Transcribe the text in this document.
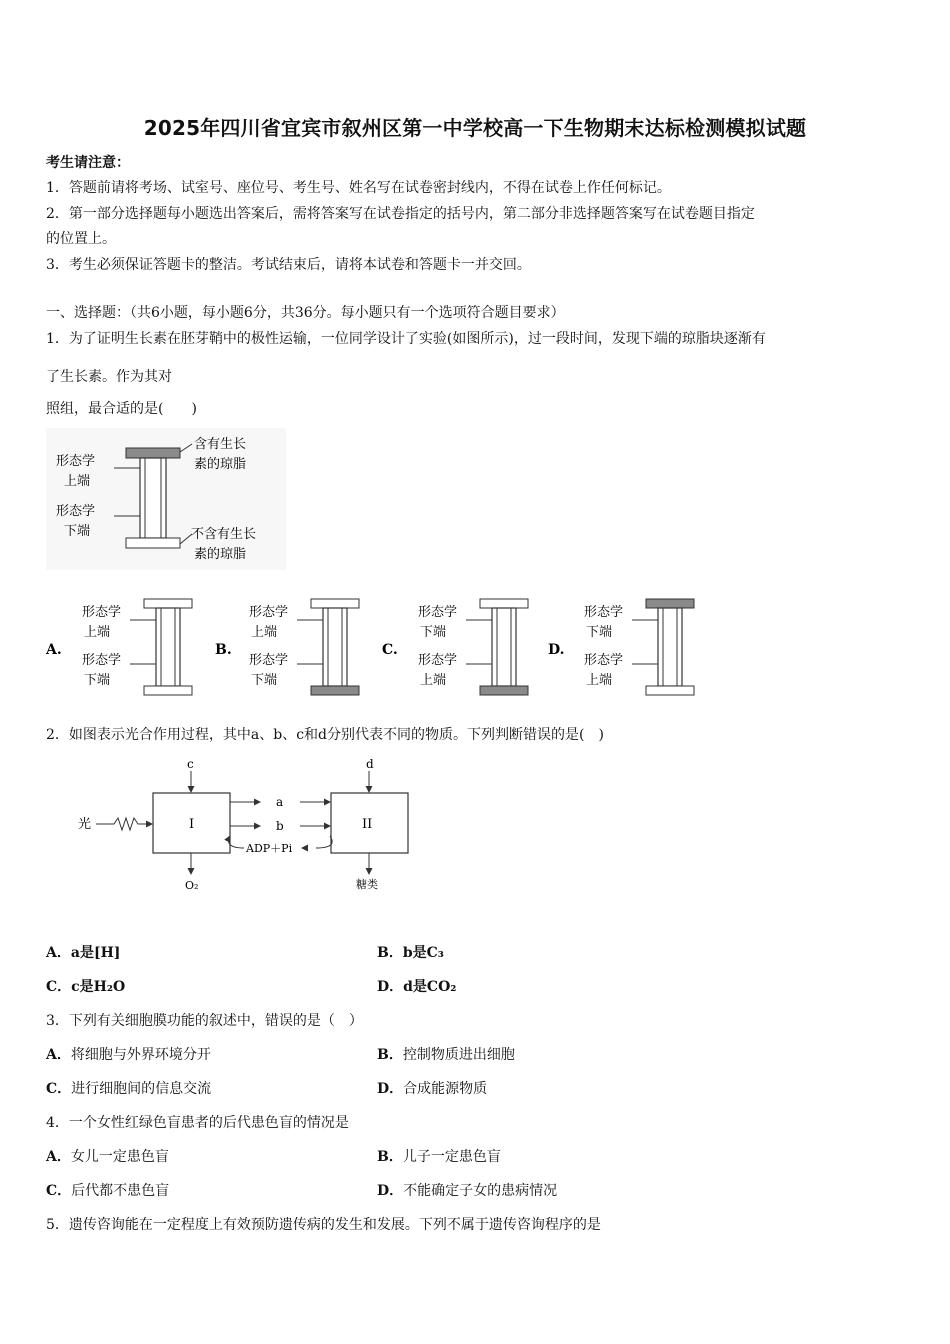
2025年四川省宜宾市叙州区第一中学校高一下生物期末达标检测模拟试题
考生请注意：
1．答题前请将考场、试室号、座位号、考生号、姓名写在试卷密封线内，不得在试卷上作任何标记。
2．第一部分选择题每小题选出答案后，需将答案写在试卷指定的括号内，第二部分非选择题答案写在试卷题目指定
的位置上。
3．考生必须保证答题卡的整洁。考试结束后，请将本试卷和答题卡一并交回。
一、选择题：（共6小题，每小题6分，共36分。每小题只有一个选项符合题目要求）
1．为了证明生长素在胚芽鞘中的极性运输，一位同学设计了实验(如图所示)，过一段时间，发现下端的琼脂块逐渐有
了生长素。作为其对
照组，最合适的是(　　)
形态学
上端
形态学
下端
含有生长
素的琼脂
不含有生长
素的琼脂
A.
形态学
上端
形态学
下端
B.
形态学
上端
形态学
下端
C.
形态学
下端
形态学
上端
D.
形态学
下端
形态学
上端
2．如图表示光合作用过程，其中a、b、c和d分别代表不同的物质。下列判断错误的是(　)
I	II
c	d
光
a
b
ADP＋Pi
O₂	糖类
A．a是[H]	B．b是C₃
C．c是H₂O	D．d是CO₂
3．下列有关细胞膜功能的叙述中，错误的是（　）
A．将细胞与外界环境分开	B．控制物质进出细胞
C．进行细胞间的信息交流	D．合成能源物质
4．一个女性红绿色盲患者的后代患色盲的情况是
A．女儿一定患色盲	B．儿子一定患色盲
C．后代都不患色盲	D．不能确定子女的患病情况
5．遗传咨询能在一定程度上有效预防遗传病的发生和发展。下列不属于遗传咨询程序的是
